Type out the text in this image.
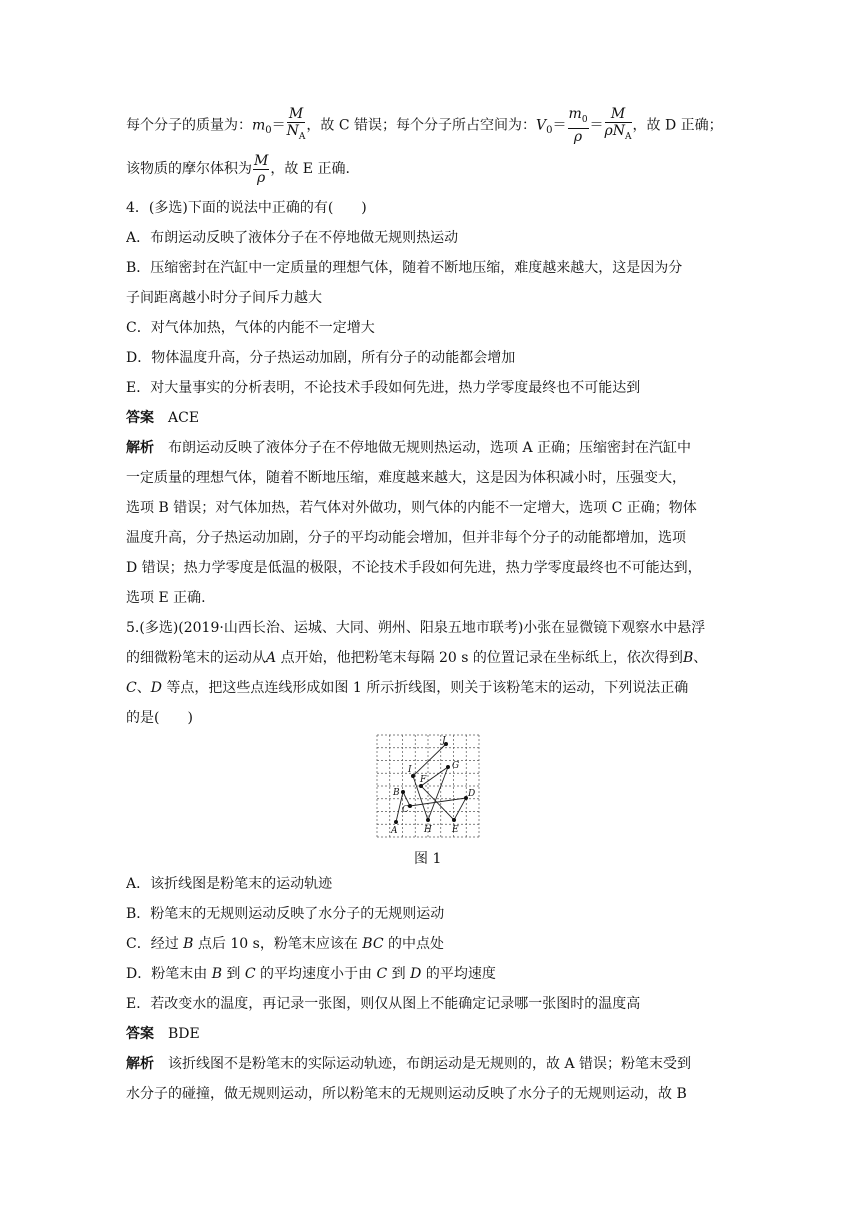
每个分子的质量为：$m_0= \frac{M}{N_A}$ ，故 C 错误；每个分子所占空间为：$V_0= \frac{m_0}{\rho} = \frac{M}{\rho N_A}$ ，故 D 正确；
该物质的摩尔体积为 $\frac{M}{\rho}$ ，故 E 正确.
4．(多选)下面的说法中正确的有(　　)
A．布朗运动反映了液体分子在不停地做无规则热运动
B．压缩密封在汽缸中一定质量的理想气体，随着不断地压缩，难度越来越大，这是因为分
子间距离越小时分子间斥力越大
C．对气体加热，气体的内能不一定增大
D．物体温度升高，分子热运动加剧，所有分子的动能都会增加
E．对大量事实的分析表明，不论技术手段如何先进，热力学零度最终也不可能达到
答案　 ACE
解析　 布朗运动反映了液体分子在不停地做无规则热运动，选项 A 正确；压缩密封在汽缸中
一定质量的理想气体，随着不断地压缩，难度越来越大，这是因为体积减小时，压强变大，
选项 B 错误；对气体加热，若气体对外做功，则气体的内能不一定增大，选项 C 正确；物体
温度升高，分子热运动加剧，分子的平均动能会增加，但并非每个分子的动能都增加，选项
D 错误；热力学零度是低温的极限，不论技术手段如何先进，热力学零度最终也不可能达到，
选项 E 正确.
5.(多选)(2019·山西长治、运城、大同、朔州、阳泉五地市联考)小张在显微镜下观察水中悬浮
的细微粉笔末的运动从A 点开始，他把粉笔末每隔 20 s 的位置记录在坐标纸上，依次得到B、
C、D 等点，把这些点连线形成如图 1 所示折线图，则关于该粉笔末的运动，下列说法正确
的是(　　)
A
B
C
D
E
F
G
H
I
J
图 1
A．该折线图是粉笔末的运动轨迹
B．粉笔末的无规则运动反映了水分子的无规则运动
C．经过 B 点后 10 s，粉笔末应该在 BC 的中点处
D．粉笔末由 B 到 C 的平均速度小于由 C 到 D 的平均速度
E．若改变水的温度，再记录一张图，则仅从图上不能确定记录哪一张图时的温度高
答案　 BDE
解析　 该折线图不是粉笔末的实际运动轨迹，布朗运动是无规则的，故 A 错误；粉笔末受到
水分子的碰撞，做无规则运动，所以粉笔末的无规则运动反映了水分子的无规则运动，故 B
